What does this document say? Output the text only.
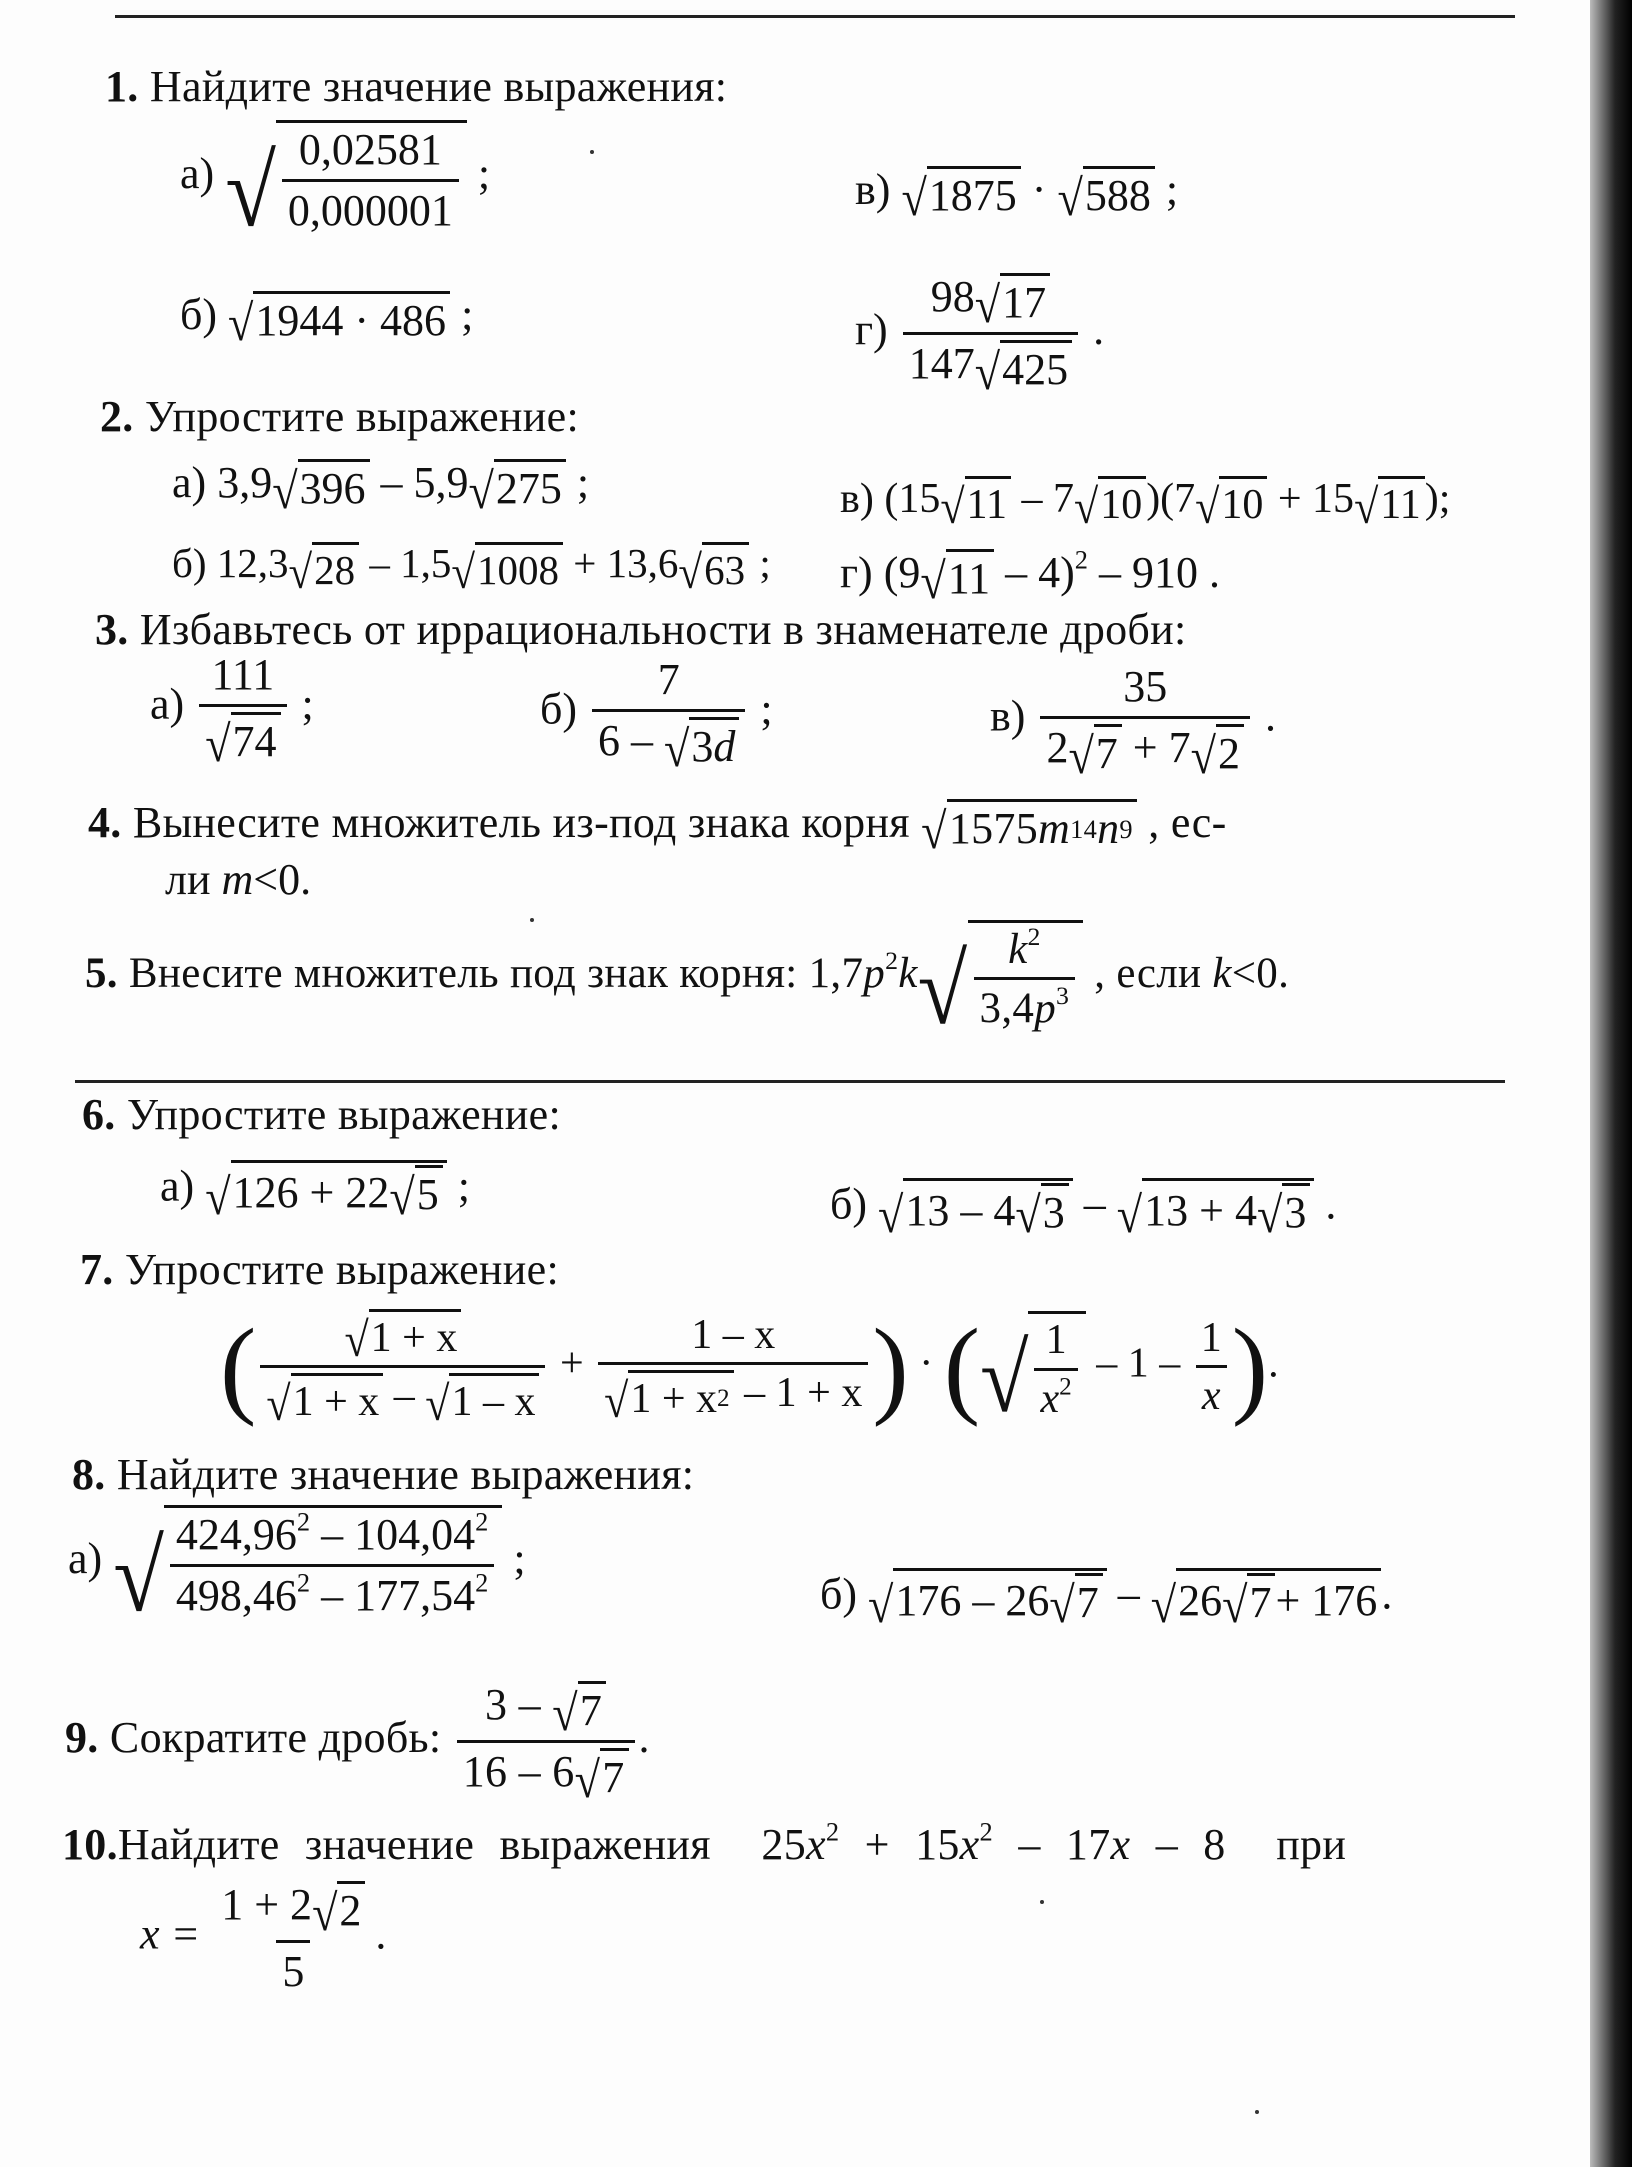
1. Найдите значение выражения:
а) √ $\frac{0,02581}{0,000001}$ ;	в) √ 1875 · √ 588 ;
б) √ 1944 · 486 ;	$г) \frac{98 √ 17}{147 √ 425}$ .
2. Упростите выражение:
а) 3,9 √ 396 – 5,9 √ 275 ;	в) (15 √ 11 – 7 √ 10 )(7 √ 10 + 15 √ 11 );
б) 12,3 √ 28 – 1,5 √ 1008 + 13,6 √ 63 ; г) (9 √ 11 – 4)$^2$ – 910 .
3. Избавьтесь от иррациональности в знаменателе дроби:
$а) \frac{111}{√ 74}$ ;	$б) \frac{7}{6 - √ 3 d}$ ;	$в) \frac{35}{2 √ 7 + 7 √ 2}$ .
4. Вынесите множитель из-под знака корня √ 1575 m 14 n 9 , ес-
ли m<0.
5. Внесите множитель под знак корня: $1,7p^2k$ √ $\frac{k^2}{3,4p^3}$ , если k<0.
6. Упростите выражение:
а) √ 126 + 22 √ 5 ;	б) √ 13 – 4 √ 3 – √ 13 + 4 √ 3 .
7. Упростите выражение:
( $\frac{√ 1 + x}{√ 1 + x - √ 1 - x} + \frac{1 - x}{√ 1 + x 2 - 1 + x}$ ) · ( √ $\frac{1}{x^2} - 1 - \frac{1}{x}$ ).
8. Найдите значение выражения:
а) √ $\frac{424,96^2 - 104,04^2}{498,46^2 - 177,54^2}$ ;
б) √ 176 – 26 √ 7 – √ 26 √ 7 + 176 .
9. Сократите дробь: $\frac{3 - √ 7}{16 - 6 √ 7}$ .
10.Найдите значение выражения $25x^2 + 15x^2 - 17x - 8$ при
$x = \frac{1 + 2 √ 2}{5}$ .
